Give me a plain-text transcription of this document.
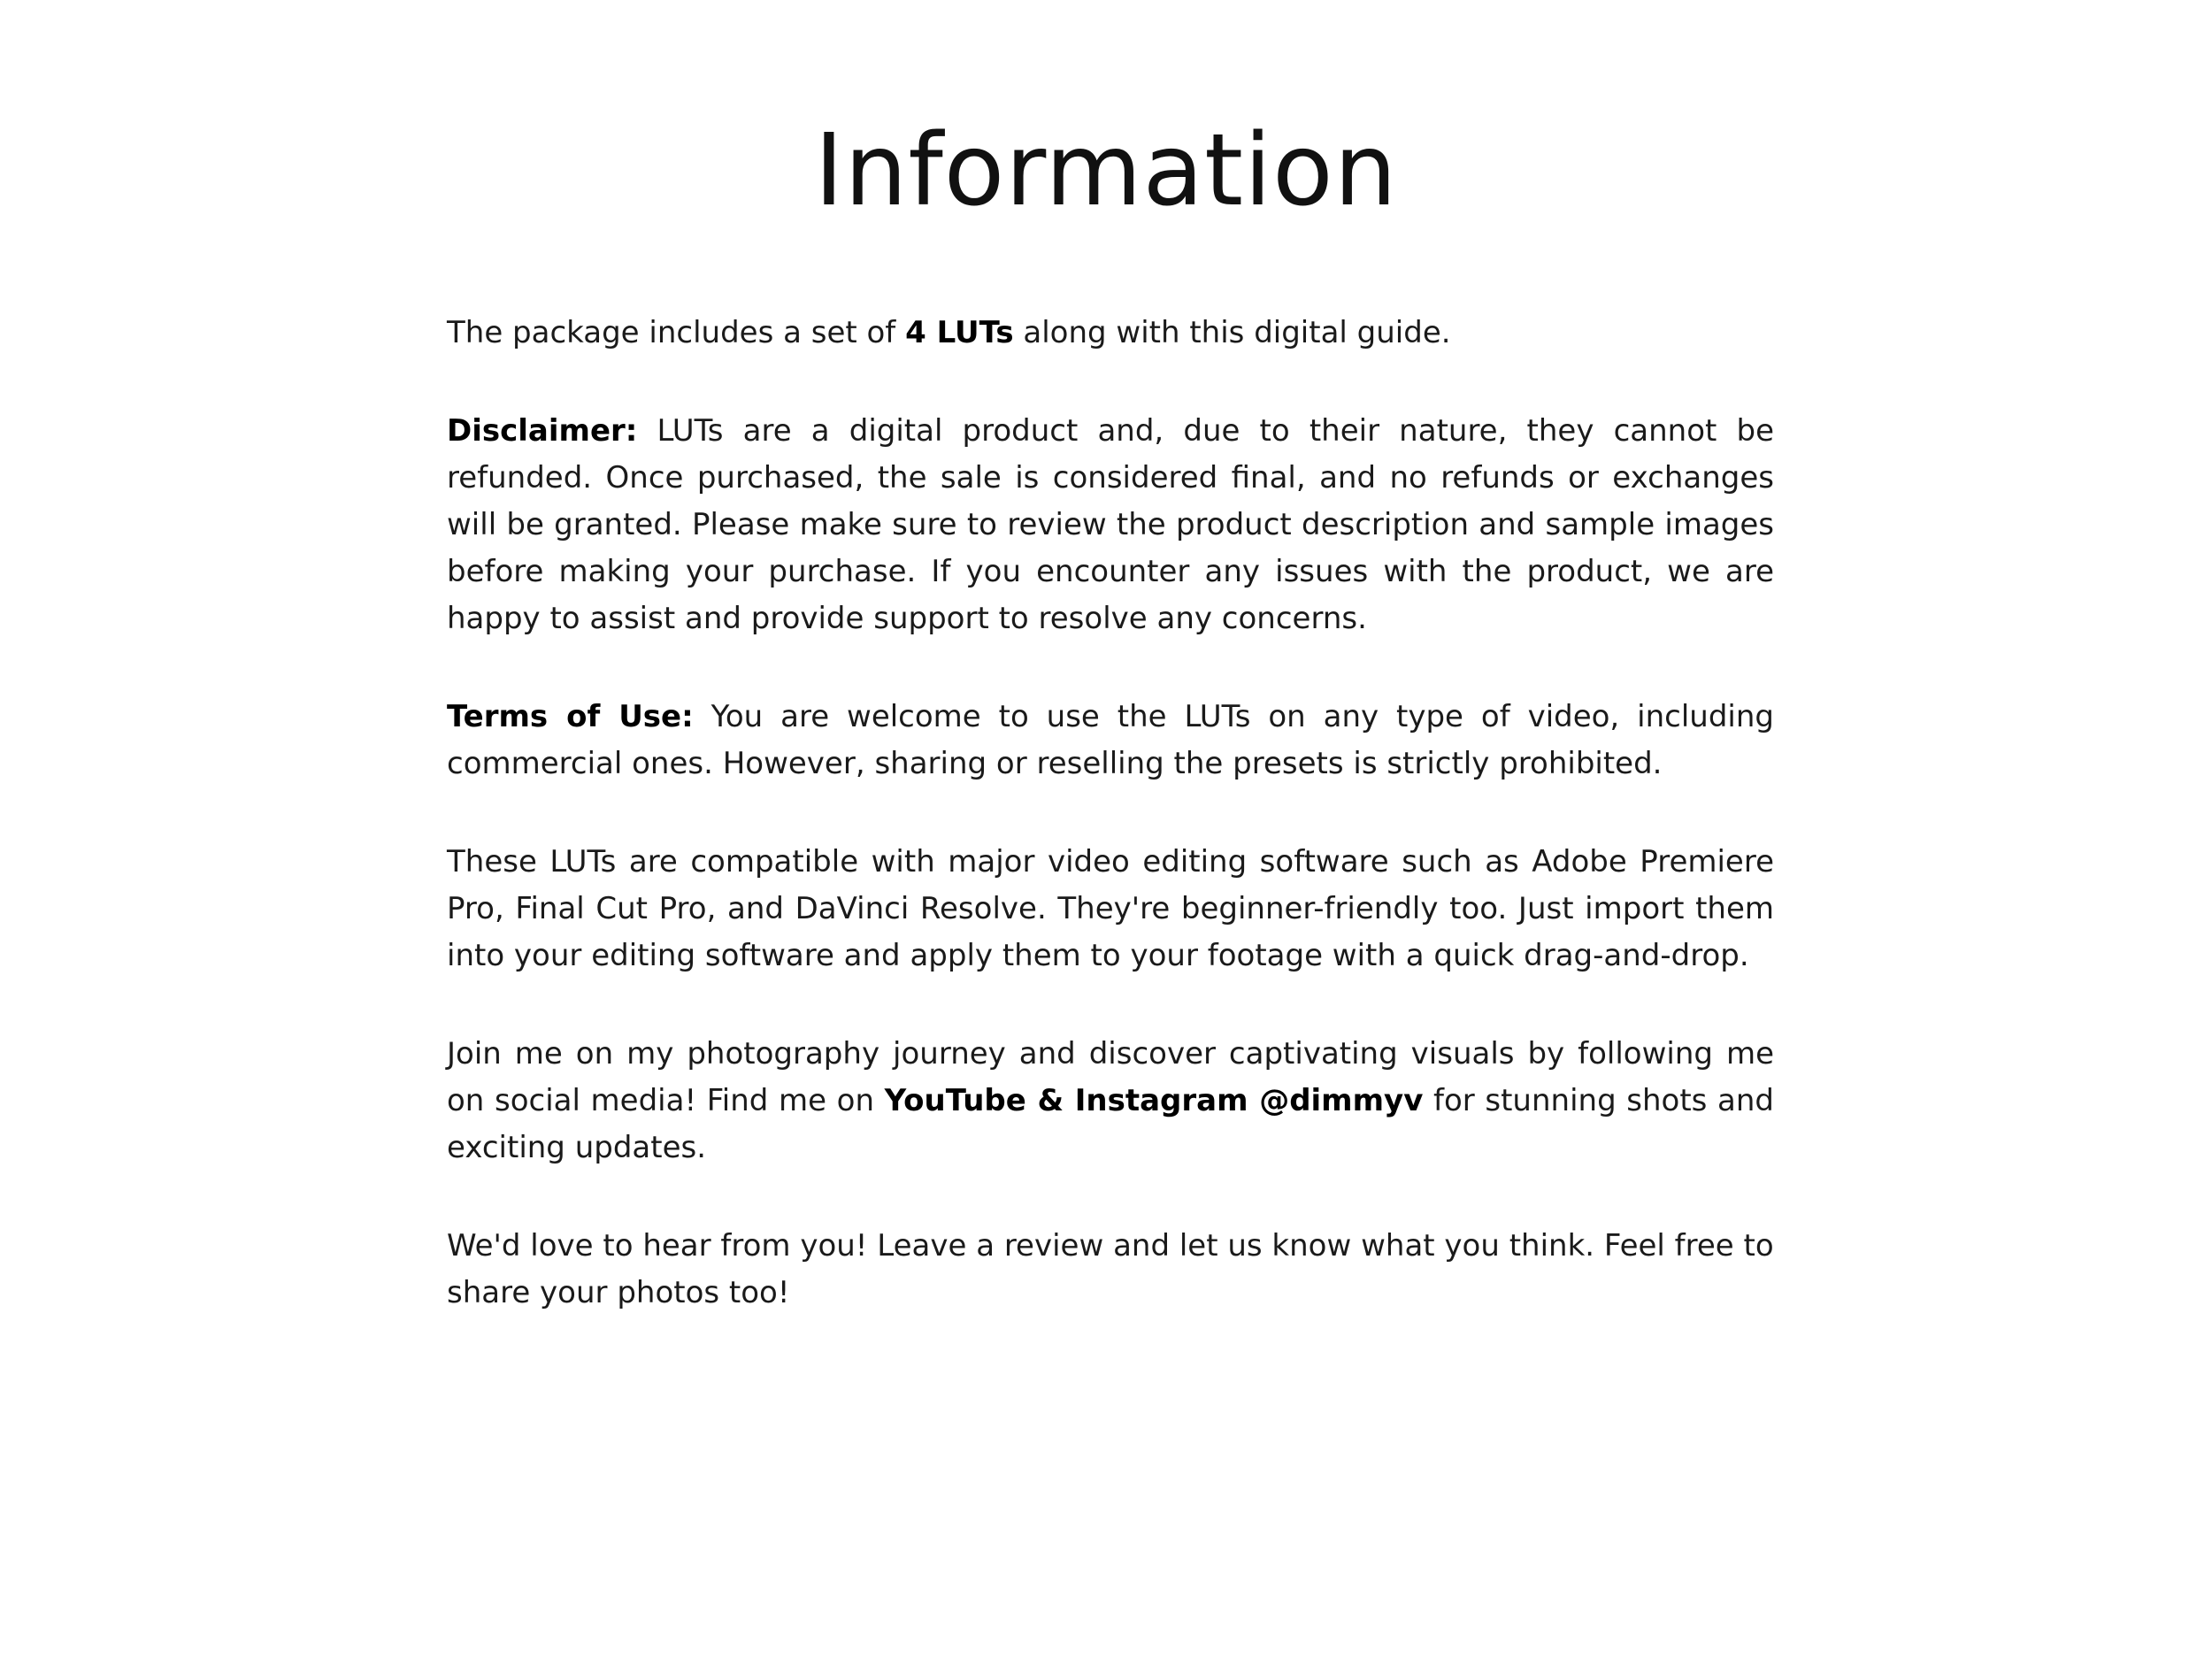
Information

The package includes a set of 4 LUTs along with this digital guide.

Disclaimer: LUTs are a digital product and, due to their nature, they cannot be refunded. Once purchased, the sale is considered final, and no refunds or exchanges will be granted. Please make sure to review the product description and sample images before making your purchase. If you encounter any issues with the product, we are happy to assist and provide support to resolve any concerns.

Terms of Use: You are welcome to use the LUTs on any type of video, including commercial ones. However, sharing or reselling the presets is strictly prohibited.

These LUTs are compatible with major video editing software such as Adobe Premiere Pro, Final Cut Pro, and DaVinci Resolve. They're beginner-friendly too. Just import them into your editing software and apply them to your footage with a quick drag-and-drop.

Join me on my photography journey and discover captivating visuals by following me on social media! Find me on YouTube & Instagram @dimmyv for stunning shots and exciting updates.

We'd love to hear from you! Leave a review and let us know what you think. Feel free to share your photos too!
